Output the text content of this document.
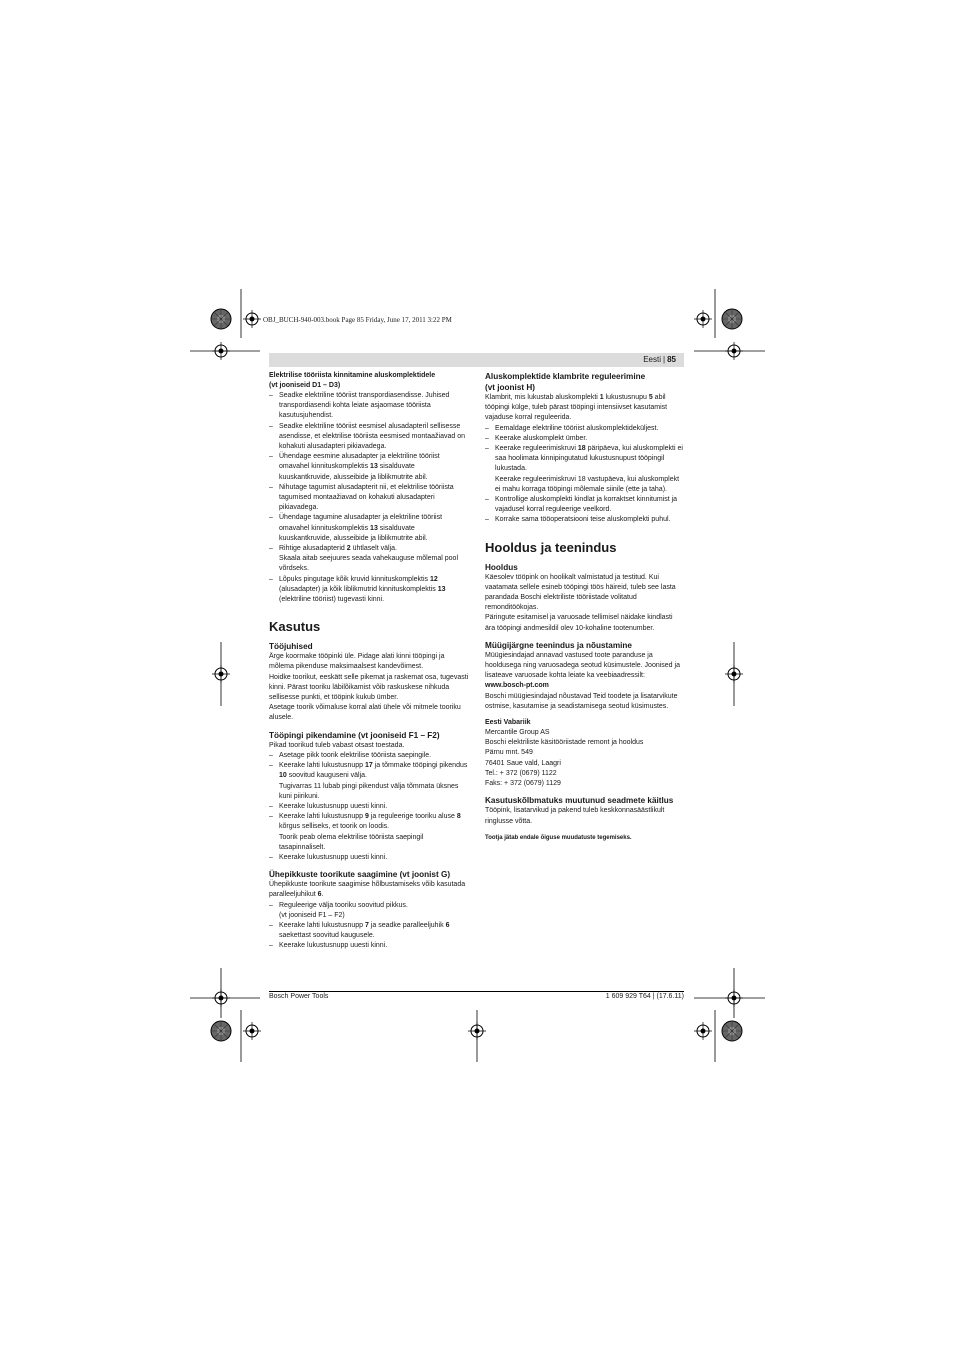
OBJ_BUCH-940-003.book Page 85 Friday, June 17, 2011 3:22 PM
Eesti | 85

Elektrilise tööriista kinnitamine aluskomplektidele

(vt jooniseid D1 – D3)

– Seadke elektriline tööriist transpordiasendisse. Juhised transpordiasendi kohta leiate asjaomase tööriista kasutusjuhendist.
– Seadke elektriline tööriist eesmisel alusadapteril sellisesse asendisse, et elektrilise tööriista eesmised montaažiavad on kohakuti alusadapteri pikiavadega.
– Ühendage eesmine alusadapter ja elektriline tööriist omavahel kinnituskomplektis 13 sisalduvate kuuskantkruvide, alusseibide ja liblikmutrite abil.
– Nihutage tagumist alusadapterit nii, et elektrilise tööriista tagumised montaažiavad on kohakuti alusadapteri pikiavadega.
– Ühendage tagumine alusadapter ja elektriline tööriist omavahel kinnituskomplektis 13 sisalduvate kuuskantkruvide, alusseibide ja liblikmutrite abil.
– Rihtige alusadapterid 2 ühtlaselt välja.
Skaala aitab seejuures seada vahekauguse mõlemal pool võrdseks.
– Lõpuks pingutage kõik kruvid kinnituskomplektis 12 (alusadapter) ja kõik liblikmutrid kinnituskomplektis 13 (elektriline tööriist) tugevasti kinni.
Kasutus

Tööjuhised

Ärge koormake tööpinki üle. Pidage alati kinni tööpingi ja mõlema pikenduse maksimaalsest kandevõimest.

Hoidke toorikut, eeskätt selle pikemat ja raskemat osa, tugevasti kinni. Pärast tooriku läbilõikamist võib raskuskese nihkuda sellisesse punkti, et tööpink kukub ümber.

Asetage toorik võimaluse korral alati ühele või mitmele tooriku alusele.

Tööpingi pikendamine (vt jooniseid F1 – F2)

Pikad toorikud tuleb vabast otsast toestada.

– Asetage pikk toorik elektrilise tööriista saepingile.
– Keerake lahti lukustusnupp 17 ja tõmmake tööpingi pikendus 10 soovitud kauguseni välja.
Tugivarras 11 lubab pingi pikendust välja tõmmata üksnes kuni piirikuni.
– Keerake lukustusnupp uuesti kinni.
– Keerake lahti lukustusnupp 9 ja reguleerige tooriku aluse 8 kõrgus selliseks, et toorik on loodis.
Toorik peab olema elektrilise tööriista saepingil tasapinnaliselt.
– Keerake lukustusnupp uuesti kinni.

Ühepikkuste toorikute saagimine (vt joonist G)

Ühepikkuste toorikute saagimise hõlbustamiseks võib kasutada paralleeljuhikut 6.

– Reguleerige välja tooriku soovitud pikkus.
(vt jooniseid F1 – F2)
– Keerake lahti lukustusnupp 7 ja seadke paralleeljuhik 6 saekettast soovitud kaugusele.
– Keerake lukustusnupp uuesti kinni.

Aluskomplektide klambrite reguleerimine

(vt joonist H)

Klambrit, mis lukustab aluskomplekti 1 lukustusnupu 5 abil tööpingi külge, tuleb pärast tööpingi intensiivset kasutamist vajaduse korral reguleerida.

– Eemaldage elektriline tööriist aluskomplektideküljest.
– Keerake aluskomplekt ümber.
– Keerake reguleerimiskruvi 18 päripäeva, kui aluskomplekti ei saa hoolimata kinnipingutatud lukustusnupust tööpingil lukustada.
Keerake reguleerimiskruvi 18 vastupäeva, kui aluskomplekt ei mahu korraga tööpingi mõlemale siinile (ette ja taha).
– Kontrollige aluskomplekti kindlat ja korraktset kinnitumist ja vajadusel korral reguleerige veelkord.
– Korrake sama tööoperatsiooni teise aluskomplekti puhul.
Hooldus ja teenindus

Hooldus

Käesolev tööpink on hoolikalt valmistatud ja testitud. Kui vaatamata sellele esineb tööpingi töös häireid, tuleb see lasta parandada Boschi elektriliste tööriistade volitatud remonditöökojas.

Päringute esitamisel ja varuosade tellimisel näidake kindlasti ära tööpingi andmesildil olev 10-kohaline tootenumber.

Müügijärgne teenindus ja nõustamine

Müügiesindajad annavad vastused toote paranduse ja hooldusega ning varuosadega seotud küsimustele. Joonised ja lisateave varuosade kohta leiate ka veebiaadressilt:

www.bosch-pt.com

Boschi müügiesindajad nõustavad Teid toodete ja lisatarvikute ostmise, kasutamise ja seadistamisega seotud küsimustes.

Eesti Vabariik

Mercantile Group AS

Boschi elektriliste käsitööriistade remont ja hooldus

Pärnu mnt. 549

76401 Saue vald, Laagri

Tel.: + 372 (0679) 1122

Faks: + 372 (0679) 1129

Kasutuskõlbmatuks muutunud seadmete käitlus

Tööpink, lisatarvikud ja pakend tuleb keskkonnasäästlikult ringlusse võtta.

Tootja jätab endale õiguse muudatuste tegemiseks.

Bosch Power Tools	1 609 929 T64 | (17.6.11)
